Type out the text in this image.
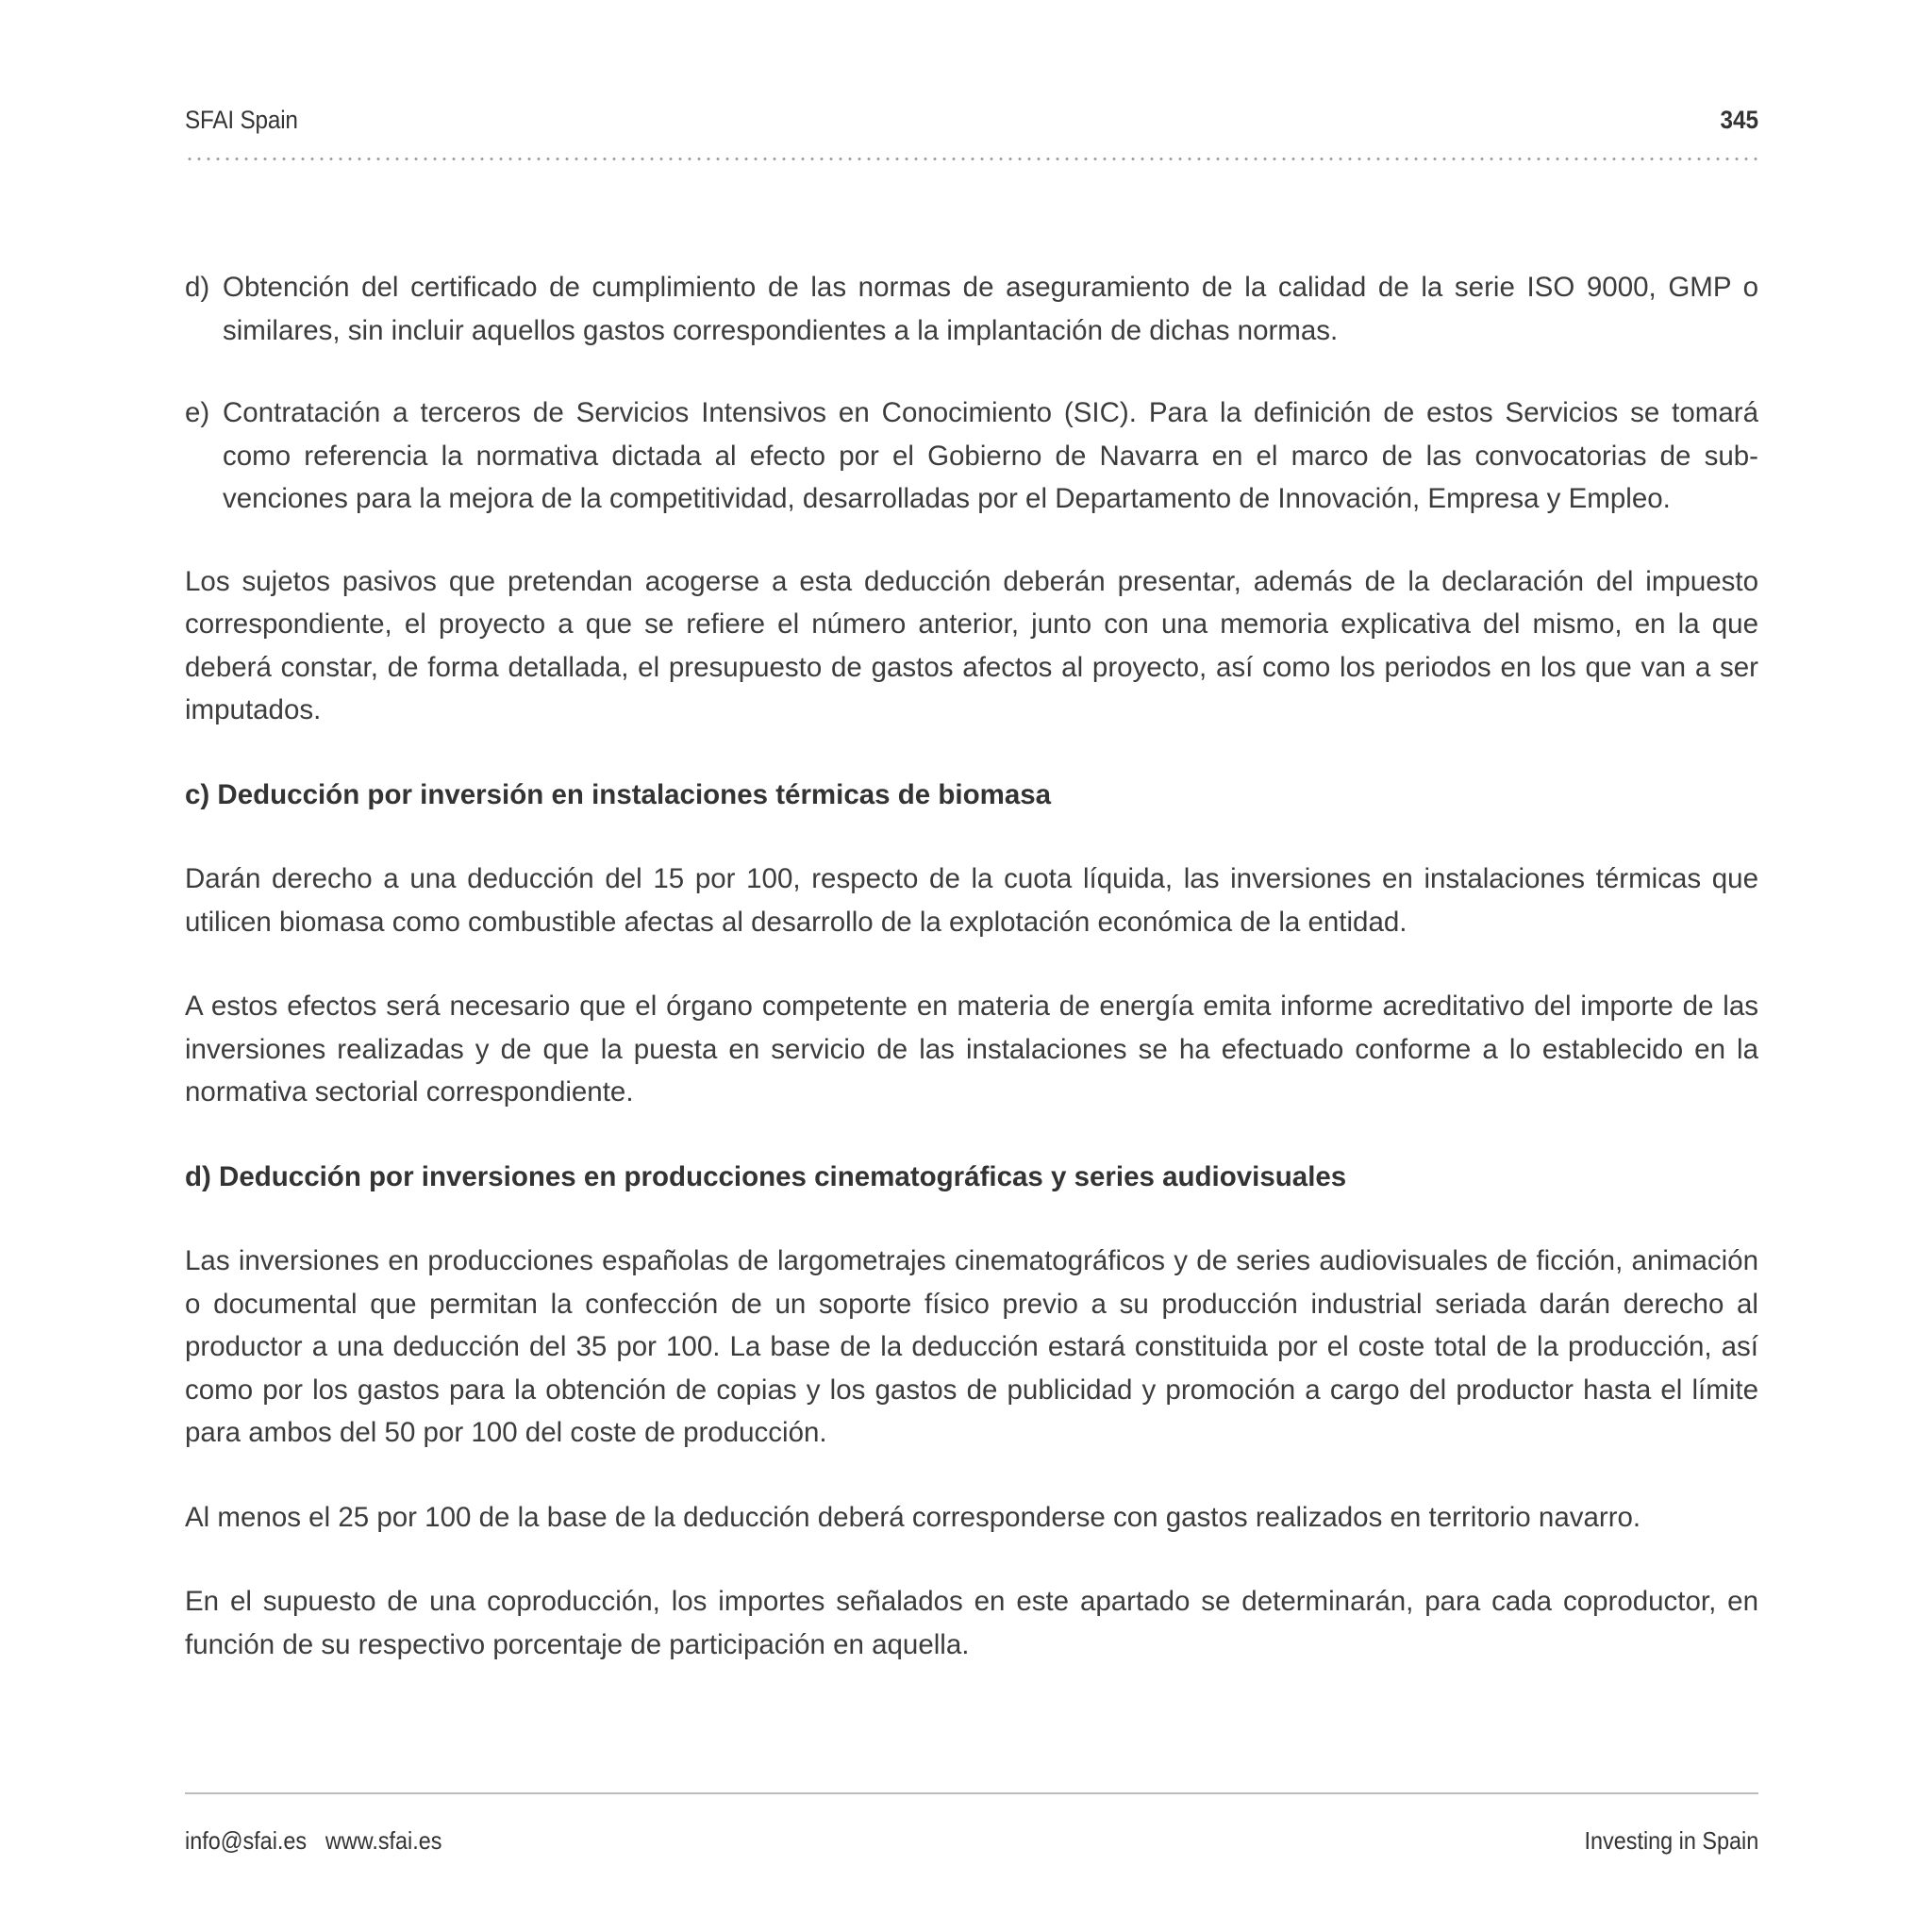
SFAI Spain	345
d) Obtención del certificado de cumplimiento de las normas de aseguramiento de la calidad de la serie ISO 9000, GMP o similares, sin incluir aquellos gastos correspondientes a la implantación de dichas normas.
e) Contratación a terceros de Servicios Intensivos en Conocimiento (SIC). Para la definición de estos Servicios se tomará como referencia la normativa dictada al efecto por el Gobierno de Navarra en el marco de las convocatorias de subvenciones para la mejora de la competitividad, desarrolladas por el Departamento de Innovación, Empresa y Empleo.

Los sujetos pasivos que pretendan acogerse a esta deducción deberán presentar, además de la declaración del impuesto correspondiente, el proyecto a que se refiere el número anterior, junto con una memoria explicativa del mismo, en la que deberá constar, de forma detallada, el presupuesto de gastos afectos al proyecto, así como los periodos en los que van a ser imputados.

c) Deducción por inversión en instalaciones térmicas de biomasa

Darán derecho a una deducción del 15 por 100, respecto de la cuota líquida, las inversiones en instalaciones térmicas que utilicen biomasa como combustible afectas al desarrollo de la explotación económica de la entidad.

A estos efectos será necesario que el órgano competente en materia de energía emita informe acreditativo del importe de las inversiones realizadas y de que la puesta en servicio de las instalaciones se ha efectuado conforme a lo establecido en la normativa sectorial correspondiente.

d) Deducción por inversiones en producciones cinematográficas y series audiovisuales

Las inversiones en producciones españolas de largometrajes cinematográficos y de series audiovisuales de ficción, animación o documental que permitan la confección de un soporte físico previo a su producción industrial seriada darán derecho al productor a una deducción del 35 por 100. La base de la deducción estará constituida por el coste total de la producción, así como por los gastos para la obtención de copias y los gastos de publicidad y promoción a cargo del productor hasta el límite para ambos del 50 por 100 del coste de producción.

Al menos el 25 por 100 de la base de la deducción deberá corresponderse con gastos realizados en territorio navarro.

En el supuesto de una coproducción, los importes señalados en este apartado se determinarán, para cada coproductor, en función de su respectivo porcentaje de participación en aquella.

info@sfai.es www.sfai.es	Investing in Spain
